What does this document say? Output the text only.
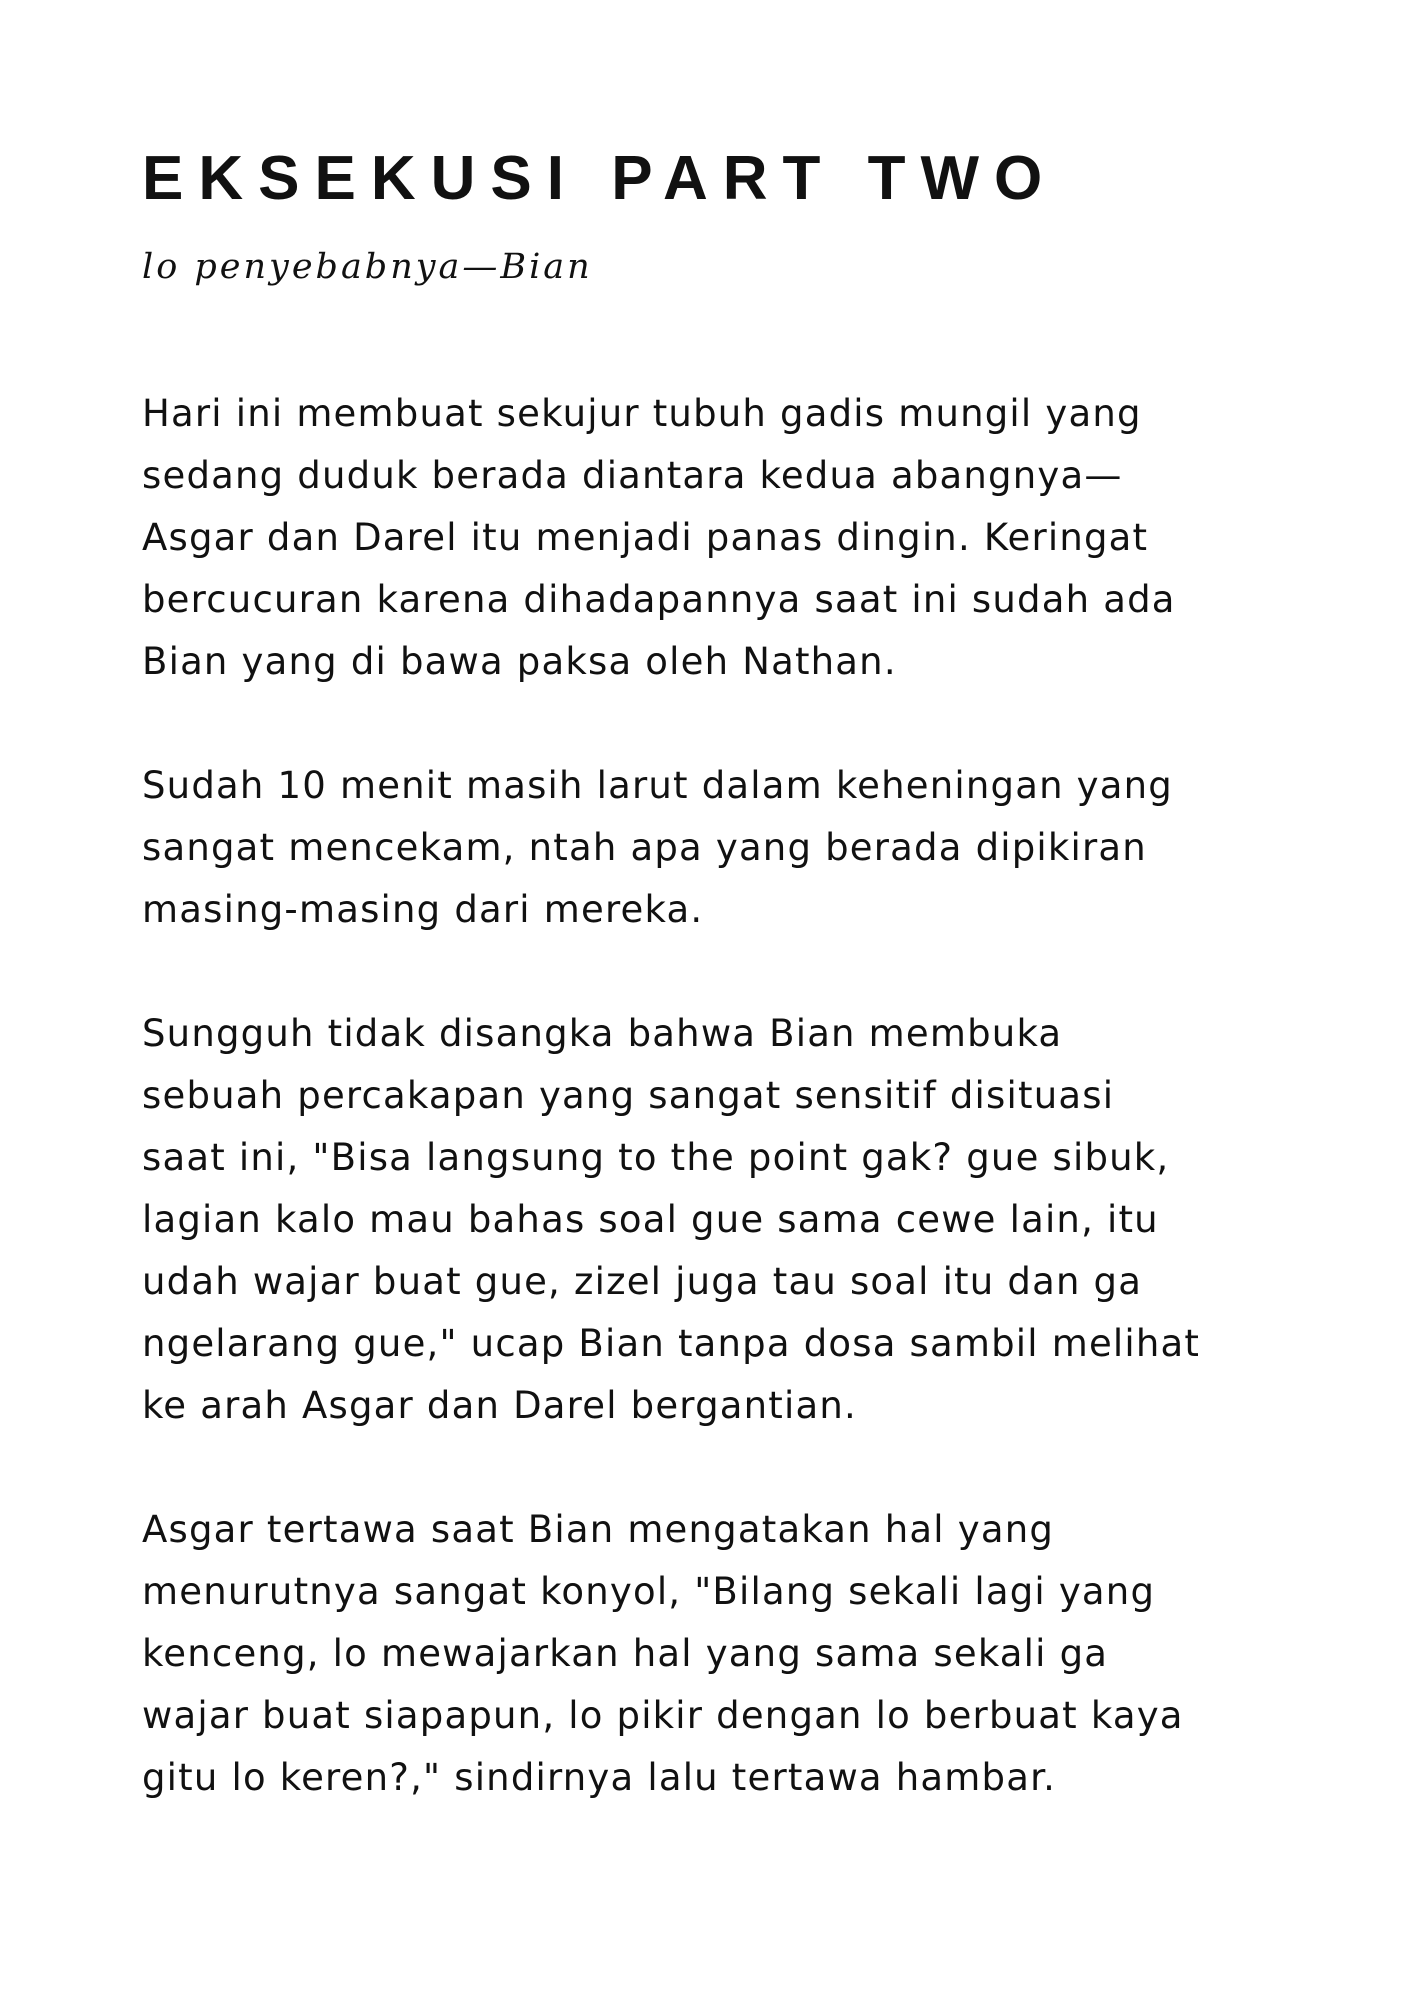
EKSEKUSI PART TWO
lo penyebabnya—Bian

Hari ini membuat sekujur tubuh gadis mungil yang
sedang duduk berada diantara kedua abangnya—
Asgar dan Darel itu menjadi panas dingin. Keringat
bercucuran karena dihadapannya saat ini sudah ada
Bian yang di bawa paksa oleh Nathan.

Sudah 10 menit masih larut dalam keheningan yang
sangat mencekam, ntah apa yang berada dipikiran
masing-masing dari mereka.

Sungguh tidak disangka bahwa Bian membuka
sebuah percakapan yang sangat sensitif disituasi
saat ini, "Bisa langsung to the point gak? gue sibuk,
lagian kalo mau bahas soal gue sama cewe lain, itu
udah wajar buat gue, zizel juga tau soal itu dan ga
ngelarang gue," ucap Bian tanpa dosa sambil melihat
ke arah Asgar dan Darel bergantian.

Asgar tertawa saat Bian mengatakan hal yang
menurutnya sangat konyol, "Bilang sekali lagi yang
kenceng, lo mewajarkan hal yang sama sekali ga
wajar buat siapapun, lo pikir dengan lo berbuat kaya
gitu lo keren?," sindirnya lalu tertawa hambar.
